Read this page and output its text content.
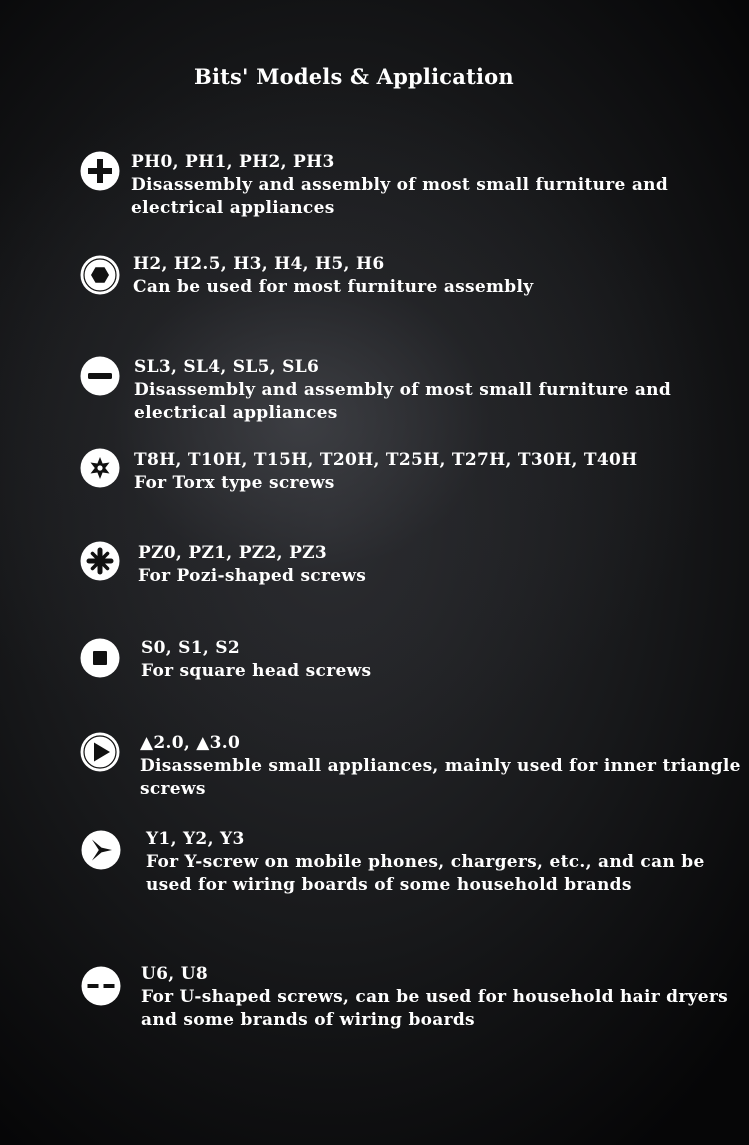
Bits' Models & Application
PH0, PH1, PH2, PH3
Disassembly and assembly of most small furniture and electrical appliances
H2, H2.5, H3, H4, H5, H6
Can be used for most furniture assembly
SL3, SL4, SL5, SL6
Disassembly and assembly of most small furniture and electrical appliances
T8H, T10H, T15H, T20H, T25H, T27H, T30H, T40H
For Torx type screws
PZ0, PZ1, PZ2, PZ3
For Pozi-shaped screws
S0, S1, S2
For square head screws
▲2.0, ▲3.0
Disassemble small appliances, mainly used for inner triangle screws
Y1, Y2, Y3
For Y-screw on mobile phones, chargers, etc., and can be used for wiring boards of some household brands
U6, U8
For U-shaped screws, can be used for household hair dryers and some brands of wiring boards
